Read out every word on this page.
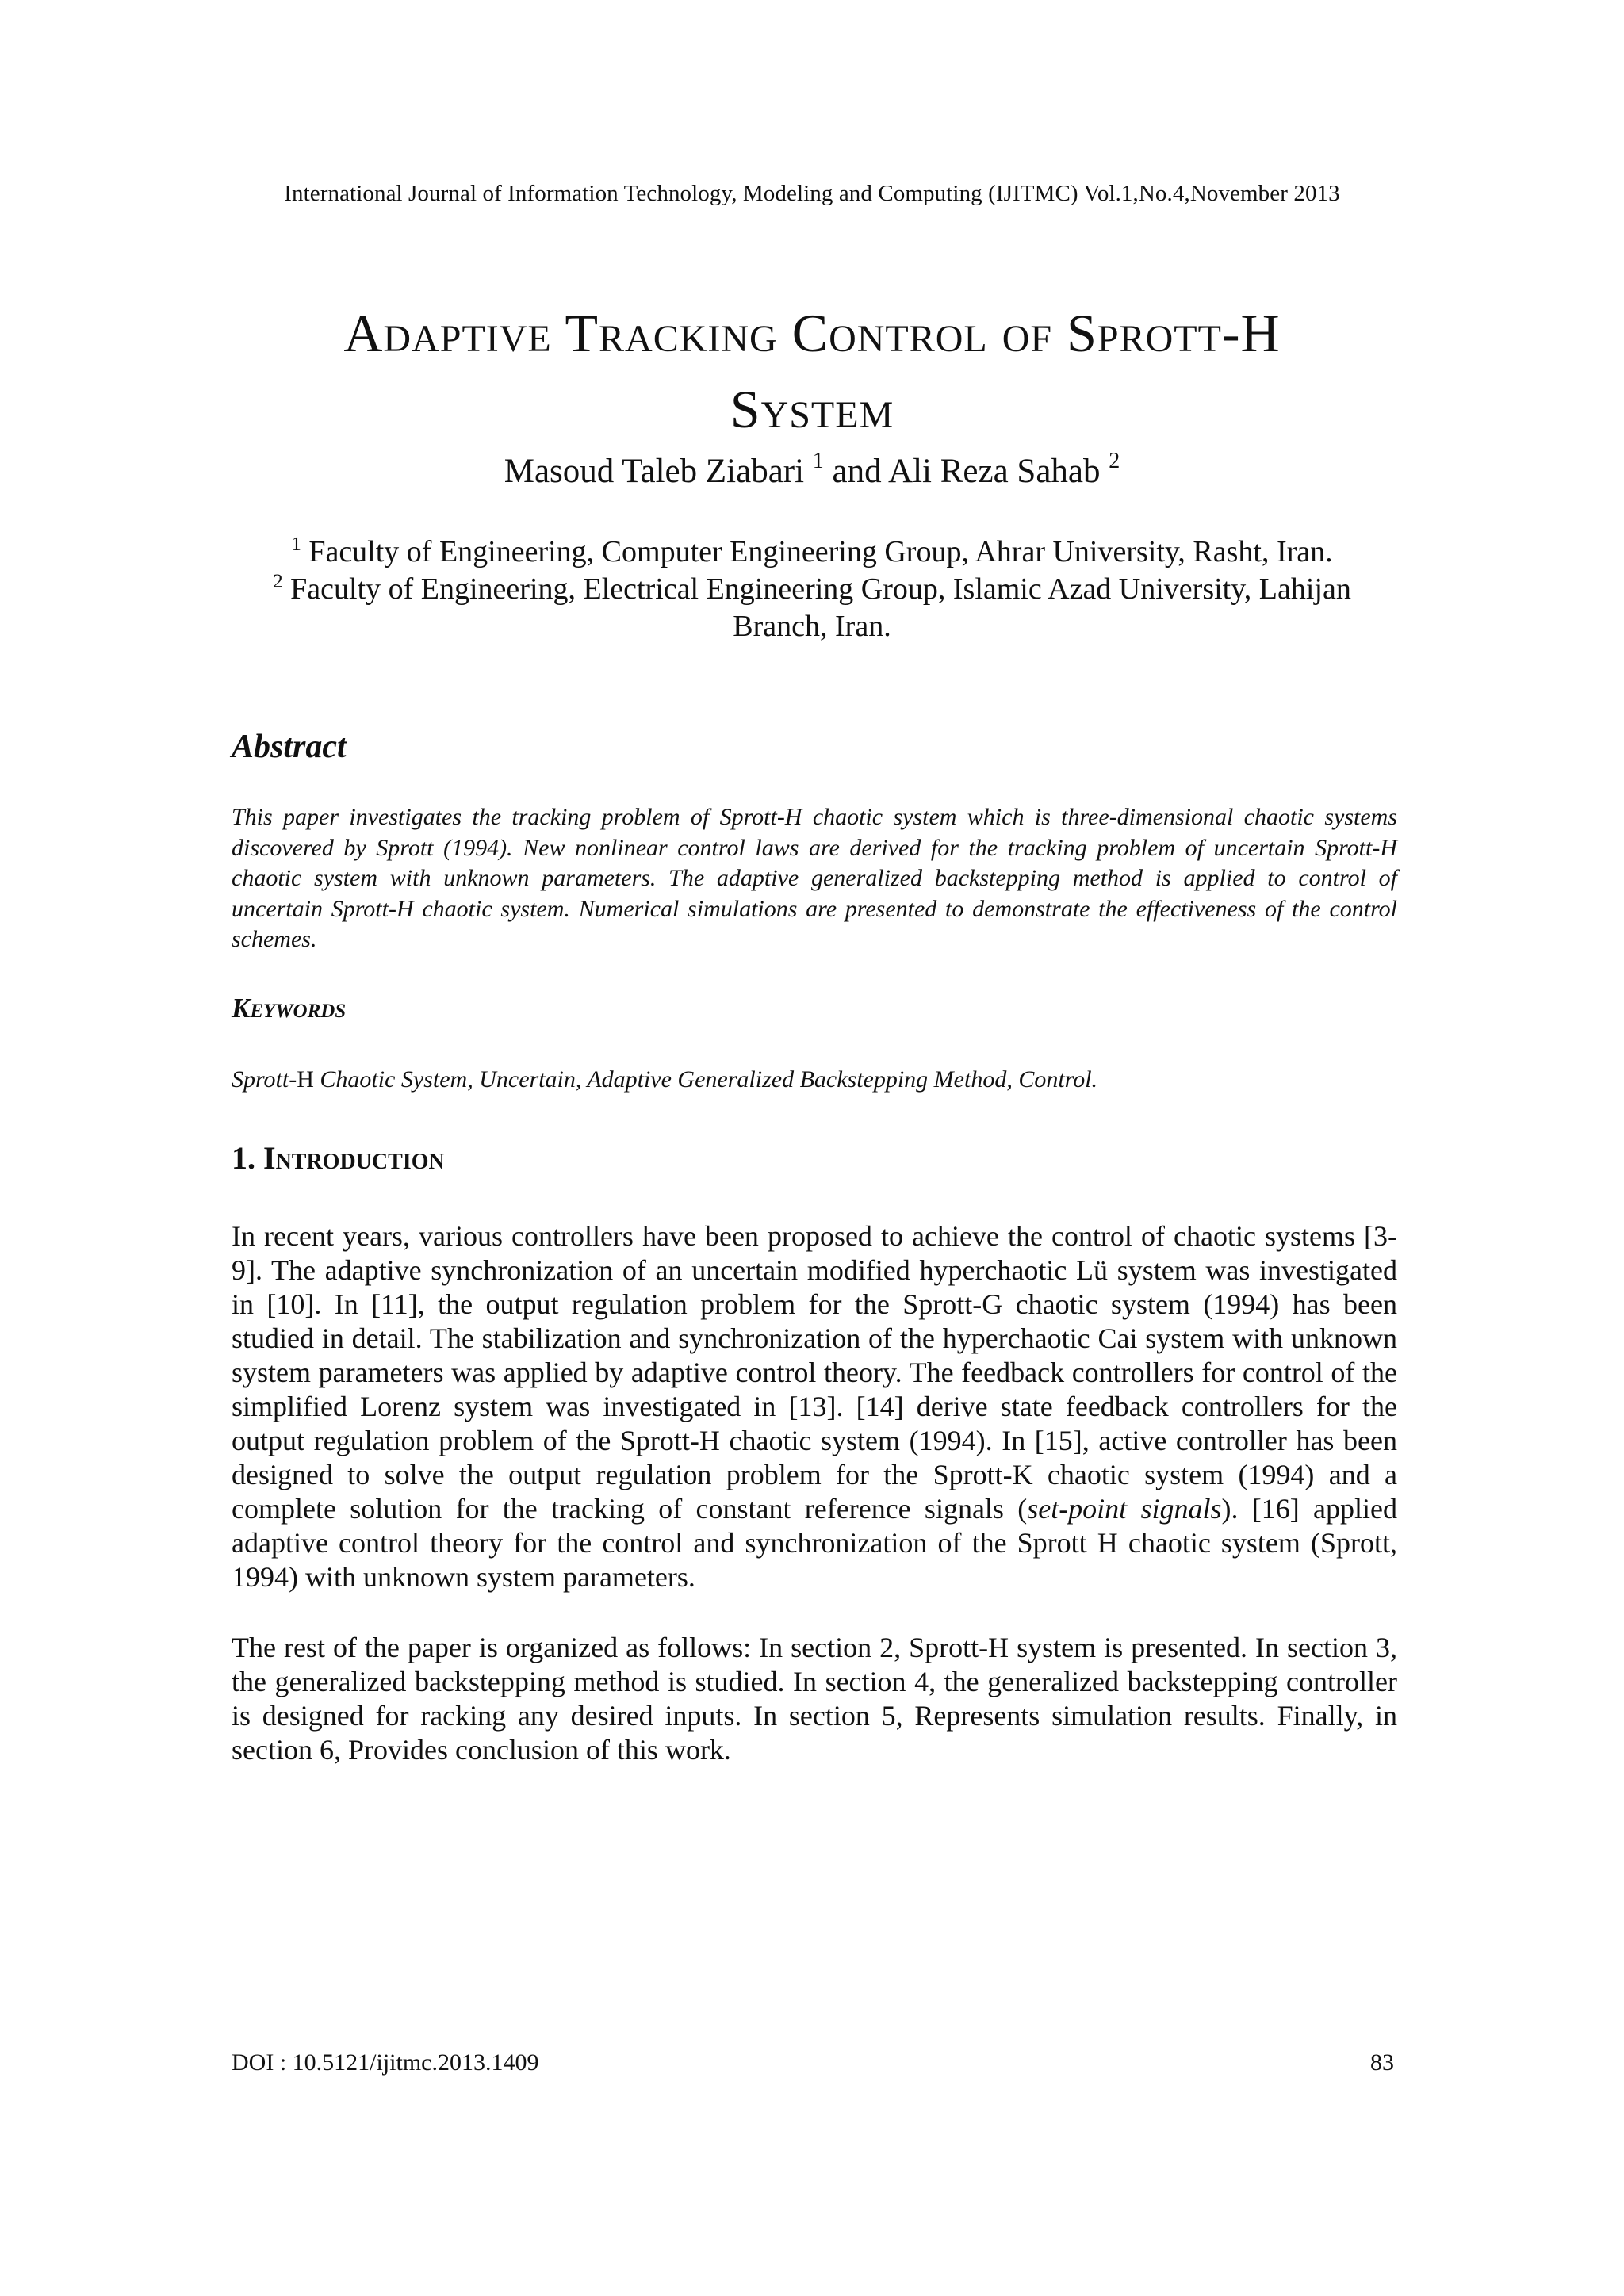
International Journal of Information Technology, Modeling and Computing (IJITMC) Vol.1,No.4,November 2013
Adaptive Tracking Control of Sprott-H
System
Masoud Taleb Ziabari $^1$ and Ali Reza Sahab $^2$
$^1$ Faculty of Engineering, Computer Engineering Group, Ahrar University, Rasht, Iran.
$^2$ Faculty of Engineering, Electrical Engineering Group, Islamic Azad University, Lahijan Branch, Iran.
Abstract

This paper investigates the tracking problem of Sprott-H chaotic system which is three-dimensional chaotic systems discovered by Sprott (1994). New nonlinear control laws are derived for the tracking problem of uncertain Sprott-H chaotic system with unknown parameters. The adaptive generalized backstepping method is applied to control of uncertain Sprott-H chaotic system. Numerical simulations are presented to demonstrate the effectiveness of the control schemes.

Keywords

Sprott-H Chaotic System, Uncertain, Adaptive Generalized Backstepping Method, Control.

1. Introduction

In recent years, various controllers have been proposed to achieve the control of chaotic systems [3-9]. The adaptive synchronization of an uncertain modified hyperchaotic Lü system was investigated in [10]. In [11], the output regulation problem for the Sprott-G chaotic system (1994) has been studied in detail. The stabilization and synchronization of the hyperchaotic Cai system with unknown system parameters was applied by adaptive control theory. The feedback controllers for control of the simplified Lorenz system was investigated in [13]. [14] derive state feedback controllers for the output regulation problem of the Sprott-H chaotic system (1994). In [15], active controller has been designed to solve the output regulation problem for the Sprott-K chaotic system (1994) and a complete solution for the tracking of constant reference signals (set-point signals). [16] applied adaptive control theory for the control and synchronization of the Sprott H chaotic system (Sprott, 1994) with unknown system parameters.

The rest of the paper is organized as follows: In section 2, Sprott-H system is presented. In section 3, the generalized backstepping method is studied. In section 4, the generalized backstepping controller is designed for racking any desired inputs. In section 5, Represents simulation results. Finally, in section 6, Provides conclusion of this work.

DOI : 10.5121/ijitmc.2013.1409	83
